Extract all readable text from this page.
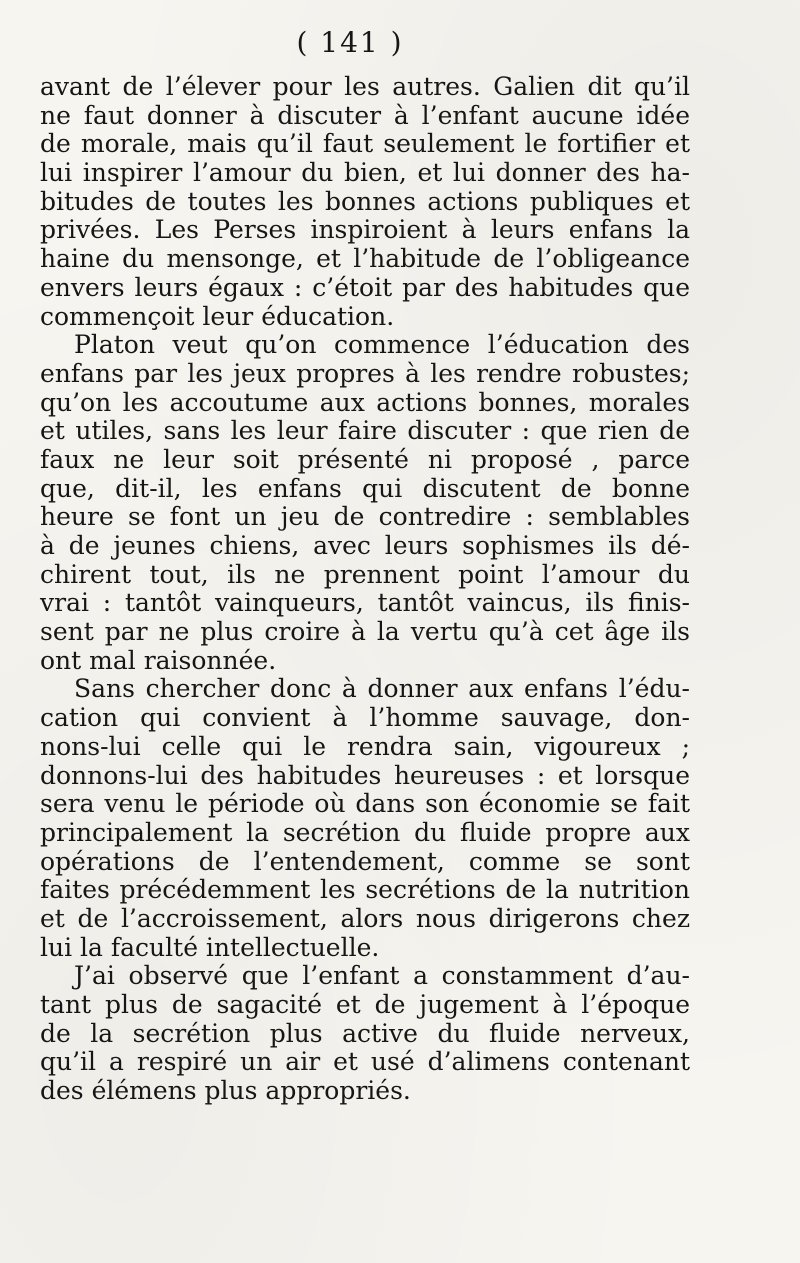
( 141 )
avant de l’élever pour les autres. Galien dit qu’il
ne faut donner à discuter à l’enfant aucune idée
de morale, mais qu’il faut seulement le fortifier et
lui inspirer l’amour du bien, et lui donner des ha-
bitudes de toutes les bonnes actions publiques et
privées. Les Perses inspiroient à leurs enfans la
haine du mensonge, et l’habitude de l’obligeance
envers leurs égaux : c’étoit par des habitudes que
commençoit leur éducation.
Platon veut qu’on commence l’éducation des
enfans par les jeux propres à les rendre robustes;
qu’on les accoutume aux actions bonnes, morales
et utiles, sans les leur faire discuter : que rien de
faux ne leur soit présenté ni proposé , parce
que, dit-il, les enfans qui discutent de bonne
heure se font un jeu de contredire : semblables
à de jeunes chiens, avec leurs sophismes ils dé-
chirent tout, ils ne prennent point l’amour du
vrai : tantôt vainqueurs, tantôt vaincus, ils finis-
sent par ne plus croire à la vertu qu’à cet âge ils
ont mal raisonnée.
Sans chercher donc à donner aux enfans l’édu-
cation qui convient à l’homme sauvage, don-
nons-lui celle qui le rendra sain, vigoureux ;
donnons-lui des habitudes heureuses : et lorsque
sera venu le période où dans son économie se fait
principalement la secrétion du fluide propre aux
opérations de l’entendement, comme se sont
faites précédemment les secrétions de la nutrition
et de l’accroissement, alors nous dirigerons chez
lui la faculté intellectuelle.
J’ai observé que l’enfant a constamment d’au-
tant plus de sagacité et de jugement à l’époque
de la secrétion plus active du fluide nerveux,
qu’il a respiré un air et usé d’alimens contenant
des élémens plus appropriés.
